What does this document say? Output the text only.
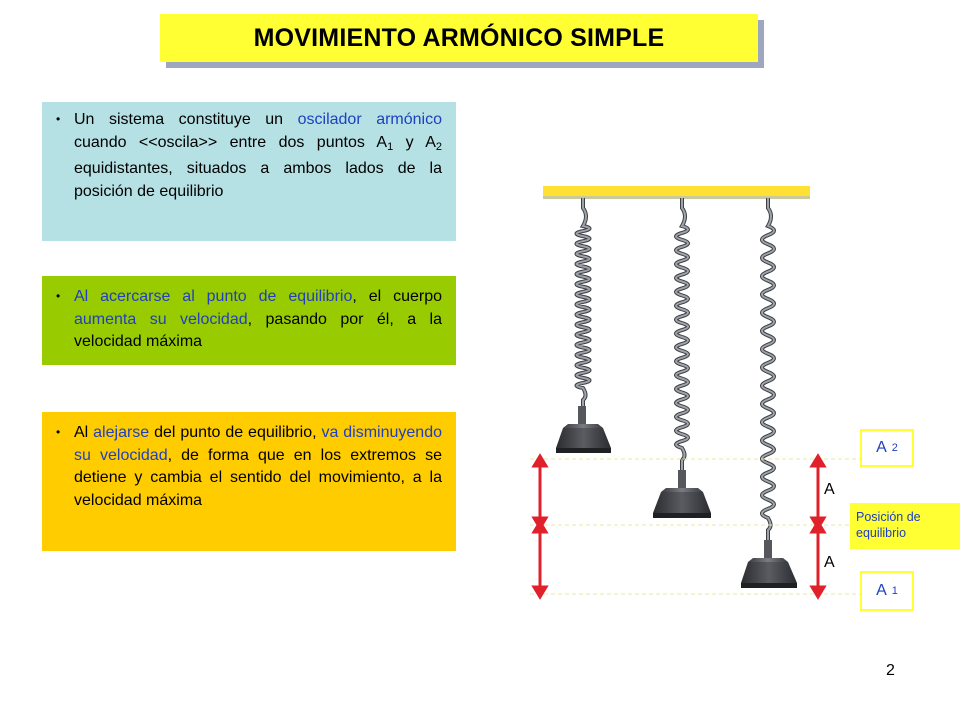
MOVIMIENTO ARMÓNICO SIMPLE

• Un sistema constituye un oscilador armónico cuando <<oscila>> entre dos puntos $A_1$ y $A_2$ equidistantes, situados a ambos lados de la posición de equilibrio

• Al acercarse al punto de equilibrio, el cuerpo aumenta su velocidad, pasando por él, a la velocidad máxima

• Al alejarse del punto de equilibrio, va disminuyendo su velocidad, de forma que en los extremos se detiene y cambia el sentido del movimiento, a la velocidad máxima

A
A
A 2
Posición de equilibrio
A 1
2
